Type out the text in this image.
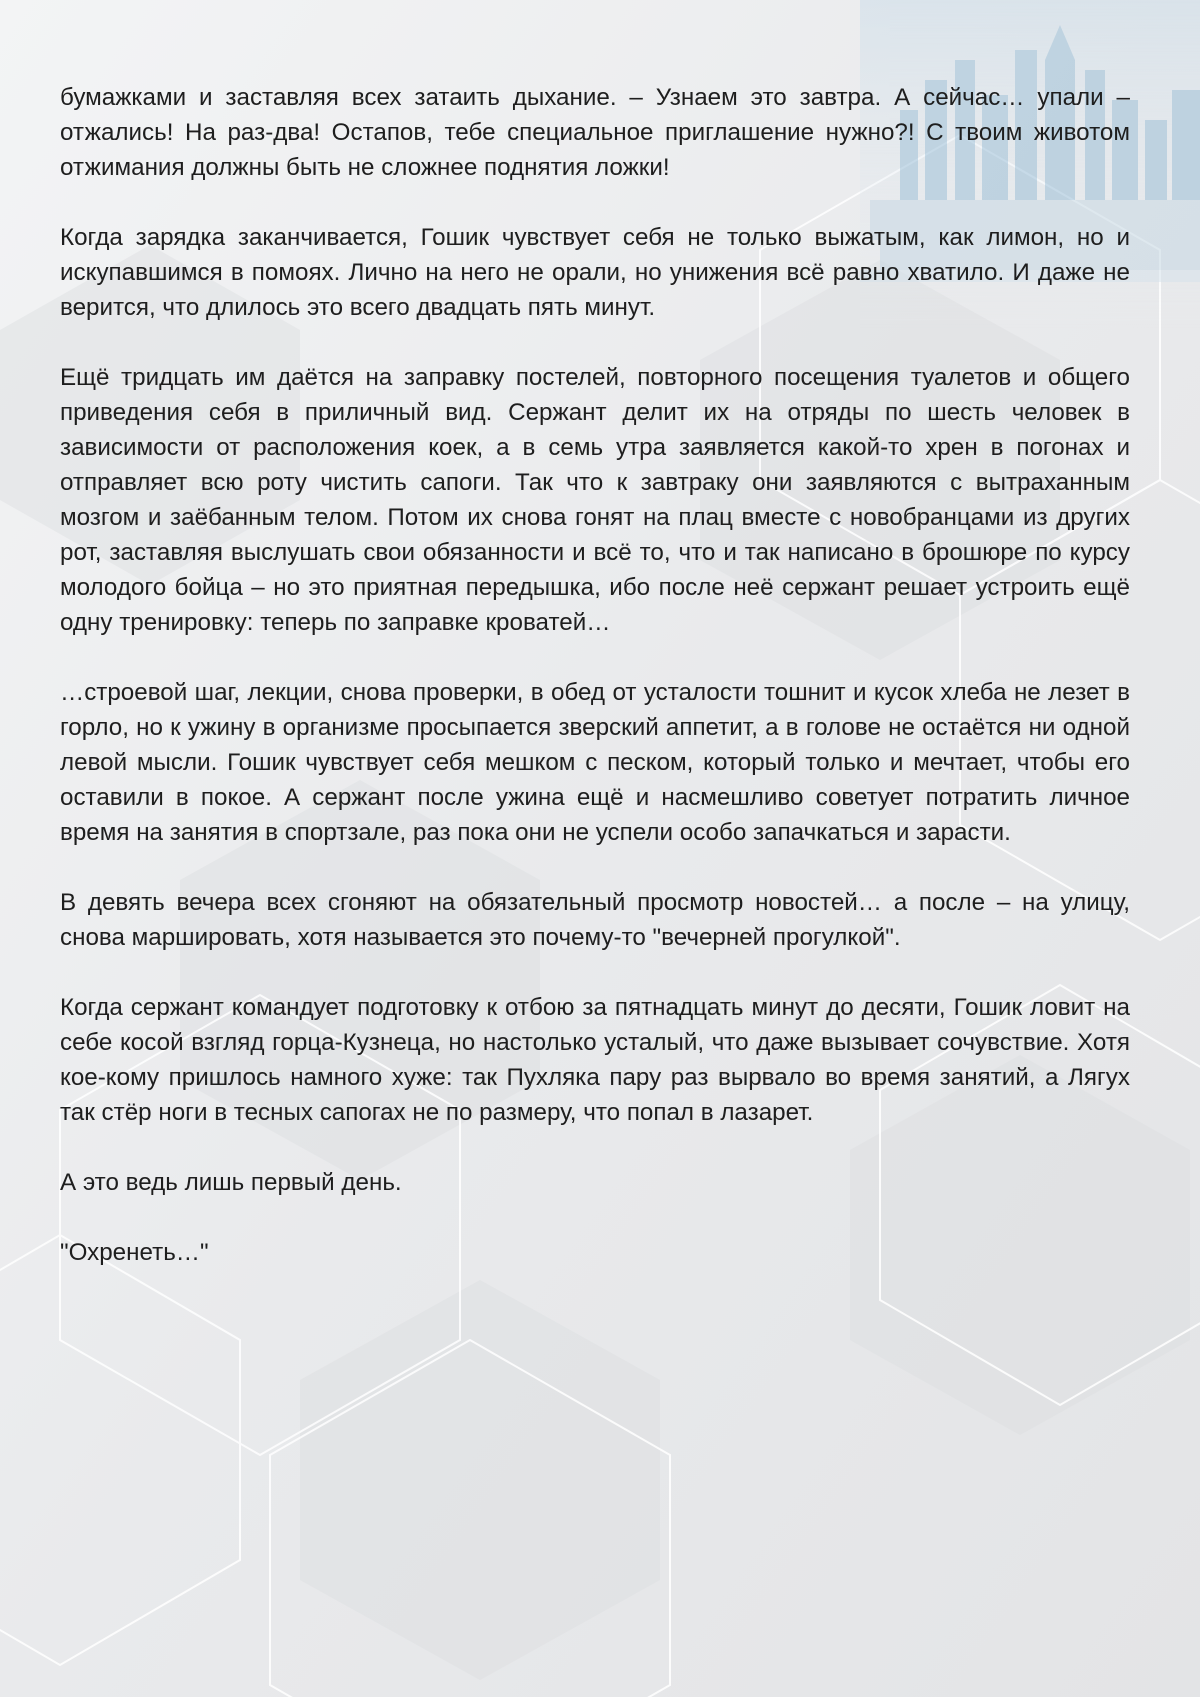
бумажками и заставляя всех затаить дыхание. – Узнаем это завтра. А сейчас… упали – отжались! На раз-два! Остапов, тебе специальное приглашение нужно?! С твоим животом отжимания должны быть не сложнее поднятия ложки!

Когда зарядка заканчивается, Гошик чувствует себя не только выжатым, как лимон, но и искупавшимся в помоях. Лично на него не орали, но унижения всё равно хватило. И даже не верится, что длилось это всего двадцать пять минут.

Ещё тридцать им даётся на заправку постелей, повторного посещения туалетов и общего приведения себя в приличный вид. Сержант делит их на отряды по шесть человек в зависимости от расположения коек, а в семь утра заявляется какой-то хрен в погонах и отправляет всю роту чистить сапоги. Так что к завтраку они заявляются с вытраханным мозгом и заёбанным телом. Потом их снова гонят на плац вместе с новобранцами из других рот, заставляя выслушать свои обязанности и всё то, что и так написано в брошюре по курсу молодого бойца – но это приятная передышка, ибо после неё сержант решает устроить ещё одну тренировку: теперь по заправке кроватей…

…строевой шаг, лекции, снова проверки, в обед от усталости тошнит и кусок хлеба не лезет в горло, но к ужину в организме просыпается зверский аппетит, а в голове не остаётся ни одной левой мысли. Гошик чувствует себя мешком с песком, который только и мечтает, чтобы его оставили в покое. А сержант после ужина ещё и насмешливо советует потратить личное время на занятия в спортзале, раз пока они не успели особо запачкаться и зарасти.

В девять вечера всех сгоняют на обязательный просмотр новостей… а после – на улицу, снова маршировать, хотя называется это почему-то "вечерней прогулкой".

Когда сержант командует подготовку к отбою за пятнадцать минут до десяти, Гошик ловит на себе косой взгляд горца-Кузнеца, но настолько усталый, что даже вызывает сочувствие. Хотя кое-кому пришлось намного хуже: так Пухляка пару раз вырвало во время занятий, а Лягух так стёр ноги в тесных сапогах не по размеру, что попал в лазарет.

А это ведь лишь первый день.

"Охренеть…"
